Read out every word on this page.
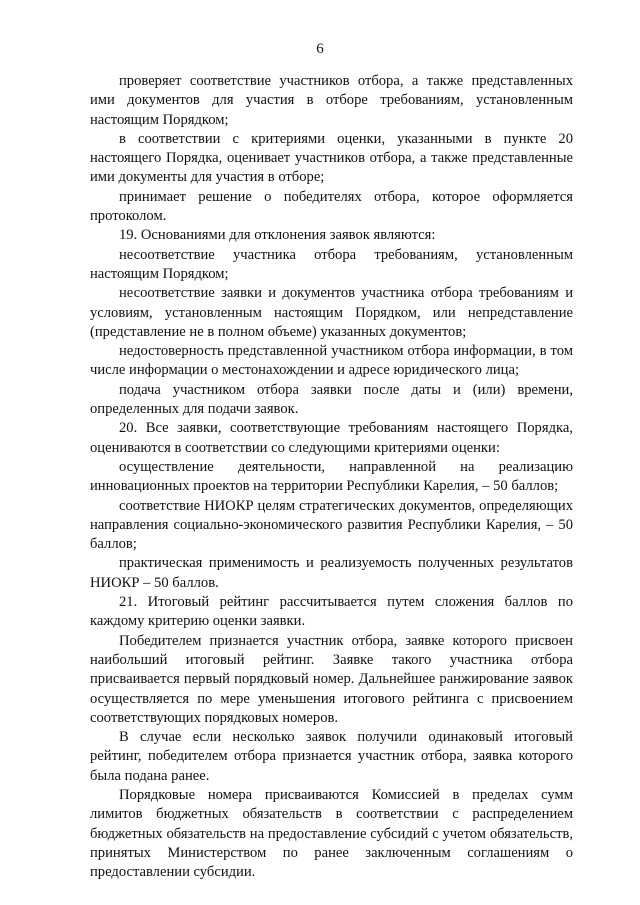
6

проверяет соответствие участников отбора, а также представленных ими документов для участия в отборе требованиям, установленным настоящим Порядком;

в соответствии с критериями оценки, указанными в пункте 20 настоящего Порядка, оценивает участников отбора, а также представленные ими документы для участия в отборе;

принимает решение о победителях отбора, которое оформляется протоколом.

19. Основаниями для отклонения заявок являются:

несоответствие участника отбора требованиям, установленным настоящим Порядком;

несоответствие заявки и документов участника отбора требованиям и условиям, установленным настоящим Порядком, или непредставление (представление не в полном объеме) указанных документов;

недостоверность представленной участником отбора информации, в том числе информации о местонахождении и адресе юридического лица;

подача участником отбора заявки после даты и (или) времени, определенных для подачи заявок.

20. Все заявки, соответствующие требованиям настоящего Порядка, оцениваются в соответствии со следующими критериями оценки:

осуществление деятельности, направленной на реализацию инновационных проектов на территории Республики Карелия, – 50 баллов;

соответствие НИОКР целям стратегических документов, определяющих направления социально-экономического развития Республики Карелия, – 50 баллов;

практическая применимость и реализуемость полученных результатов НИОКР – 50 баллов.

21. Итоговый рейтинг рассчитывается путем сложения баллов по каждому критерию оценки заявки.

Победителем признается участник отбора, заявке которого присвоен наибольший итоговый рейтинг. Заявке такого участника отбора присваивается первый порядковый номер. Дальнейшее ранжирование заявок осуществляется по мере уменьшения итогового рейтинга с присвоением соответствующих порядковых номеров.

В случае если несколько заявок получили одинаковый итоговый рейтинг, победителем отбора признается участник отбора, заявка которого была подана ранее.

Порядковые номера присваиваются Комиссией в пределах сумм лимитов бюджетных обязательств в соответствии с распределением бюджетных обязательств на предоставление субсидий с учетом обязательств, принятых Министерством по ранее заключенным соглашениям о предоставлении субсидии.
